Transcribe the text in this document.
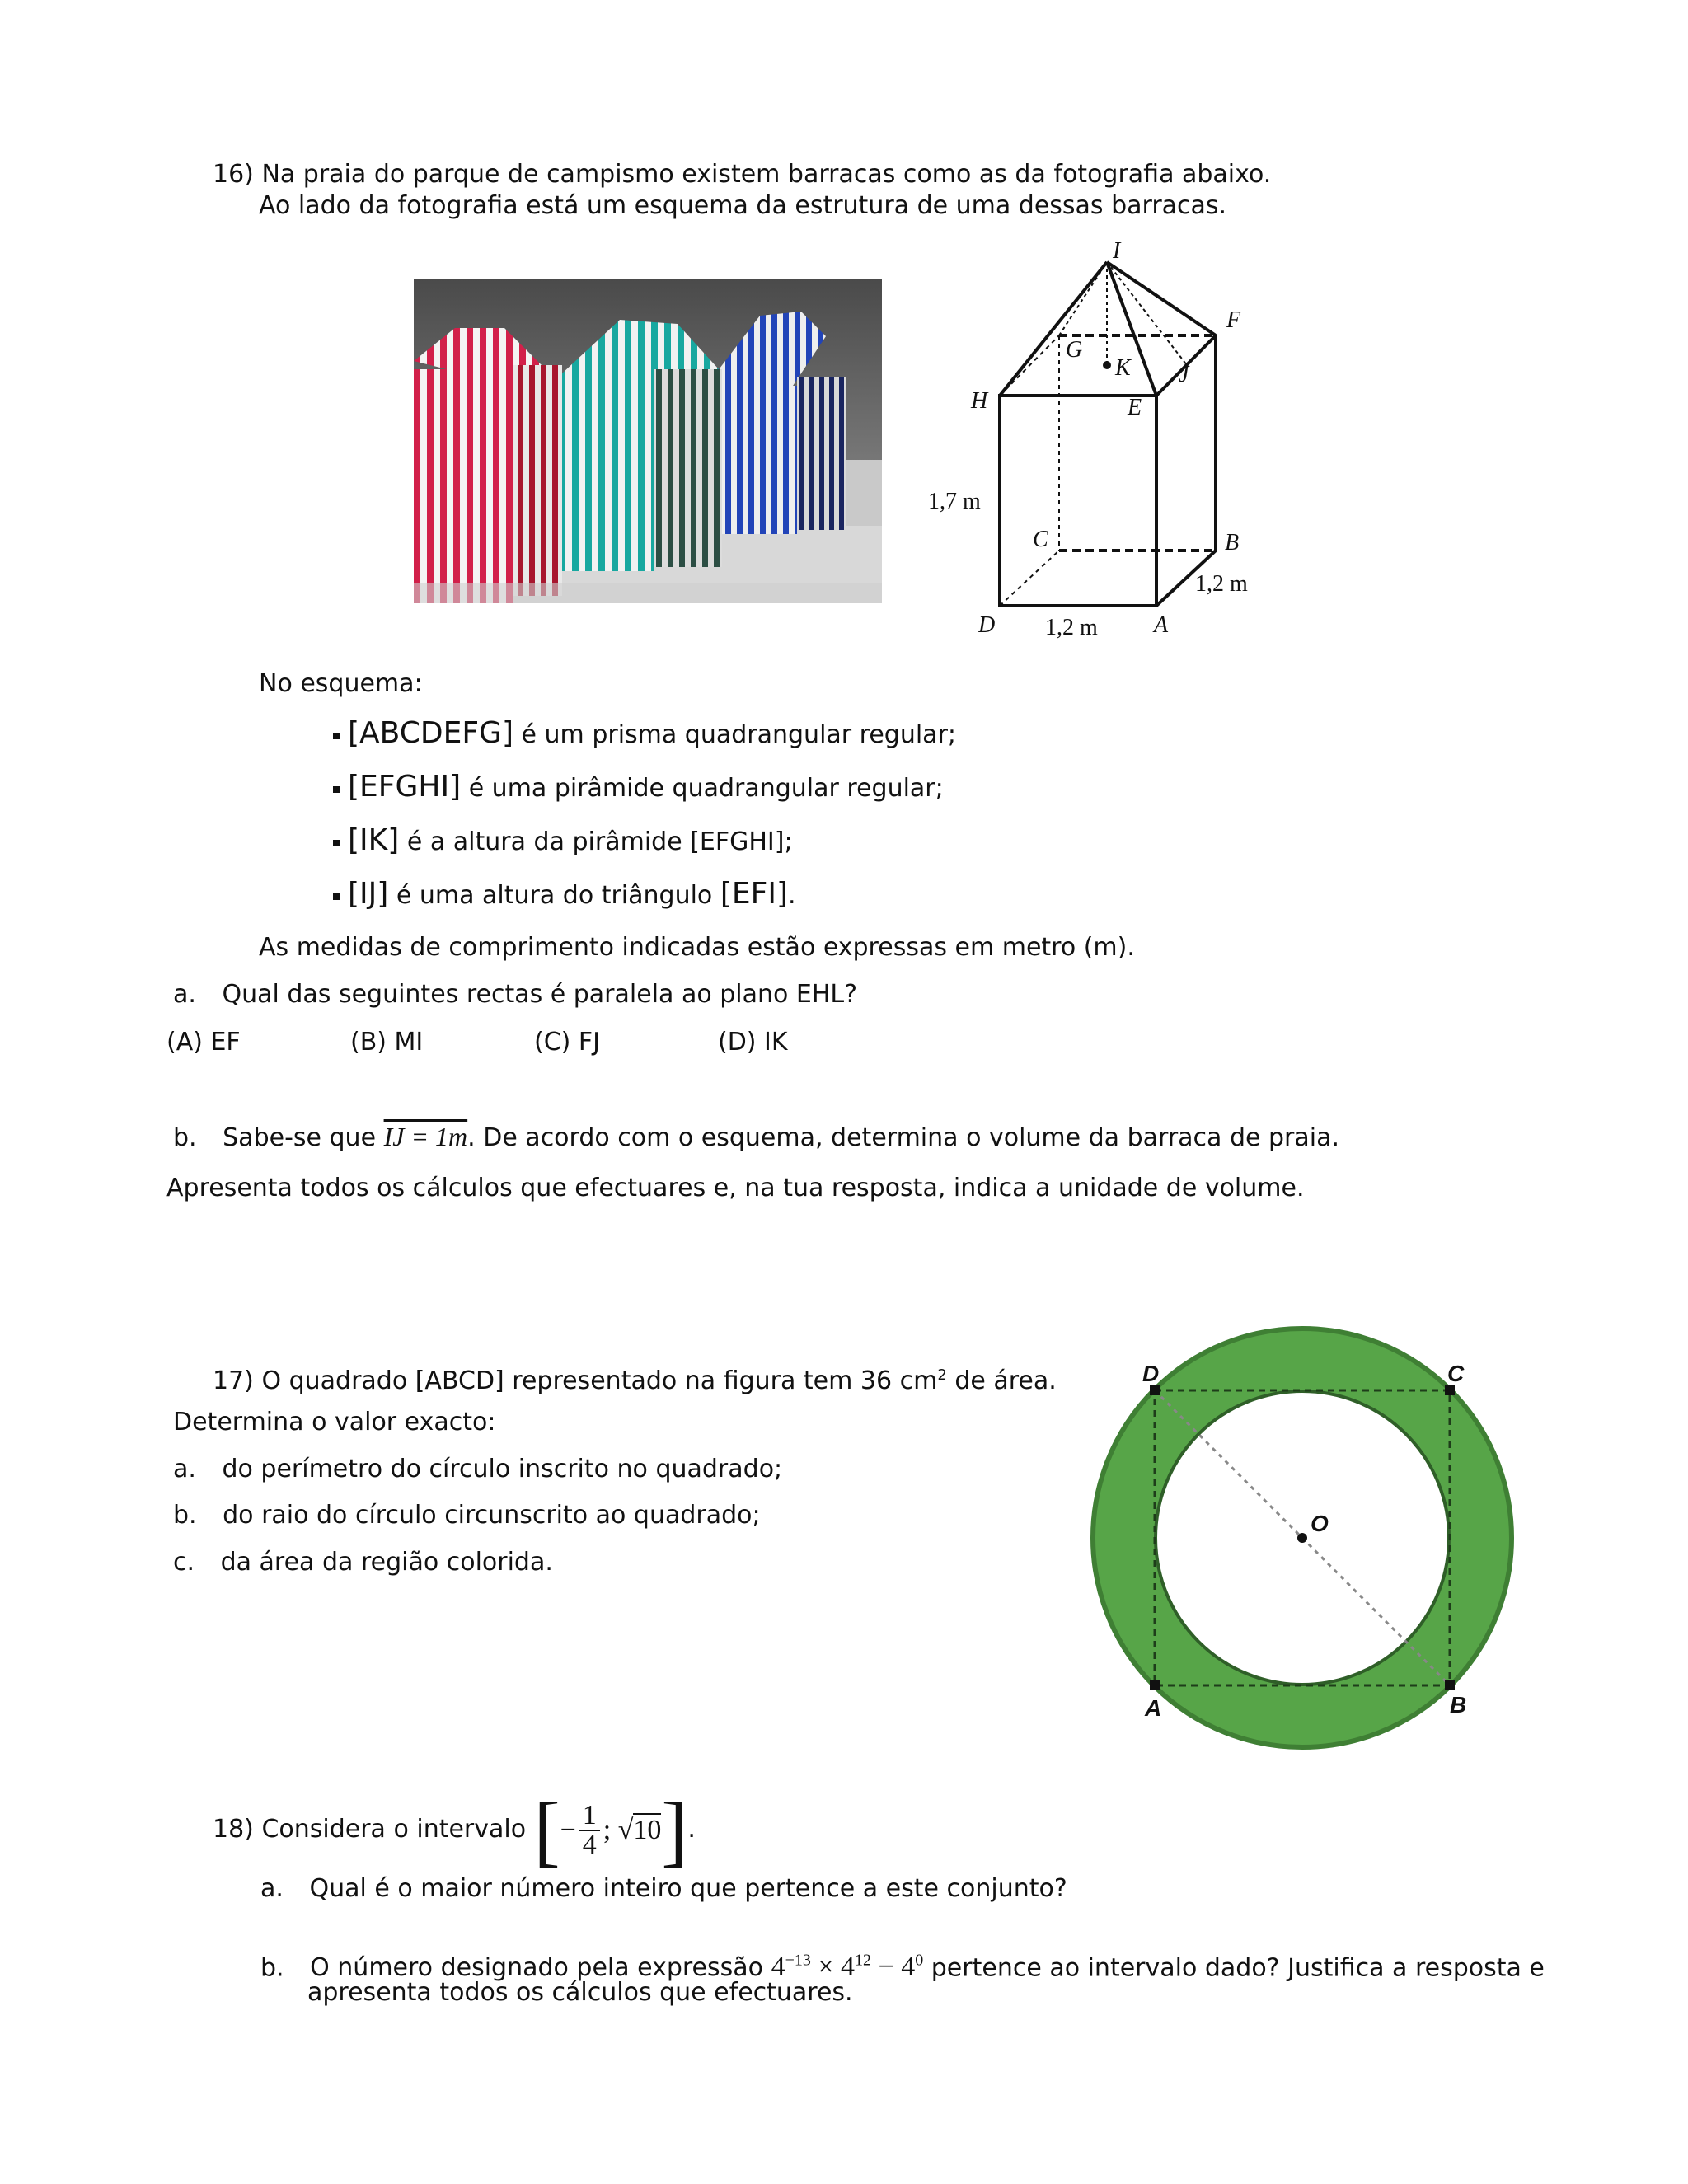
16) Na praia do parque de campismo existem barracas como as da fotografia abaixo.
Ao lado da fotografia está um esquema da estrutura de uma dessas barracas.
I
F
G
K J
H	E
C	B
D	A
1,7 m
1,2 m
1,2 m
No esquema:
[ABCDEFG] é um prisma quadrangular regular;
[EFGHI] é uma pirâmide quadrangular regular;
[IK] é a altura da pirâmide [EFGHI];
[IJ] é uma altura do triângulo [EFI].
As medidas de comprimento indicadas estão expressas em metro (m).
a. Qual das seguintes rectas é paralela ao plano EHL?
(A) EF	(B) MI	(C) FJ	(D) IK
b. Sabe-se que IJ = 1m. De acordo com o esquema, determina o volume da barraca de praia.
Apresenta todos os cálculos que efectuares e, na tua resposta, indica a unidade de volume.
17) O quadrado [ABCD] representado na figura tem 36 $cm^2$ de área.
Determina o valor exacto:
a. do perímetro do círculo inscrito no quadrado;
b. do raio do círculo circunscrito ao quadrado;
c. da área da região colorida.
D	C
O
A	B
18) Considera o intervalo [− $\frac{1}{4}$ ; √10].
a. Qual é o maior número inteiro que pertence a este conjunto?
b. O número designado pela expressão $4^{-13} \times 4^{12} - 4^0$ pertence ao intervalo dado? Justifica a resposta e
apresenta todos os cálculos que efectuares.
